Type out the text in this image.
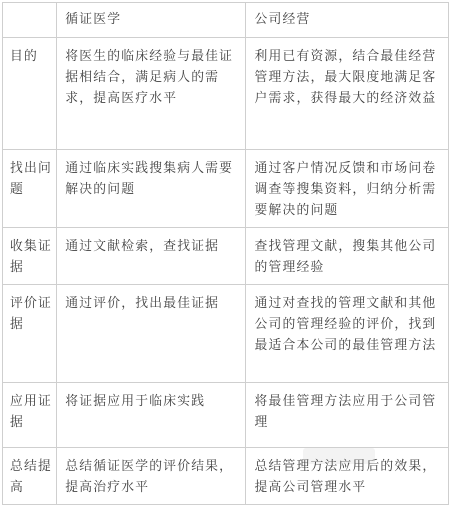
	循证医学	公司经营
目的	将医生的临床经验与最佳证据相结合，满足病人的需求，提高医疗水平	利用已有资源，结合最佳经营管理方法，最大限度地满足客户需求，获得最大的经济效益
找出问题	通过临床实践搜集病人需要解决的问题	通过客户情况反馈和市场问卷调查等搜集资料，归纳分析需要解决的问题
收集证据	通过文献检索，查找证据	查找管理文献，搜集其他公司的管理经验
评价证据	通过评价，找出最佳证据	通过对查找的管理文献和其他公司的管理经验的评价，找到最适合本公司的最佳管理方法
应用证据	将证据应用于临床实践	将最佳管理方法应用于公司管理
总结提高	总结循证医学的评价结果，提高治疗水平	总结管理方法应用后的效果，提高公司管理水平
